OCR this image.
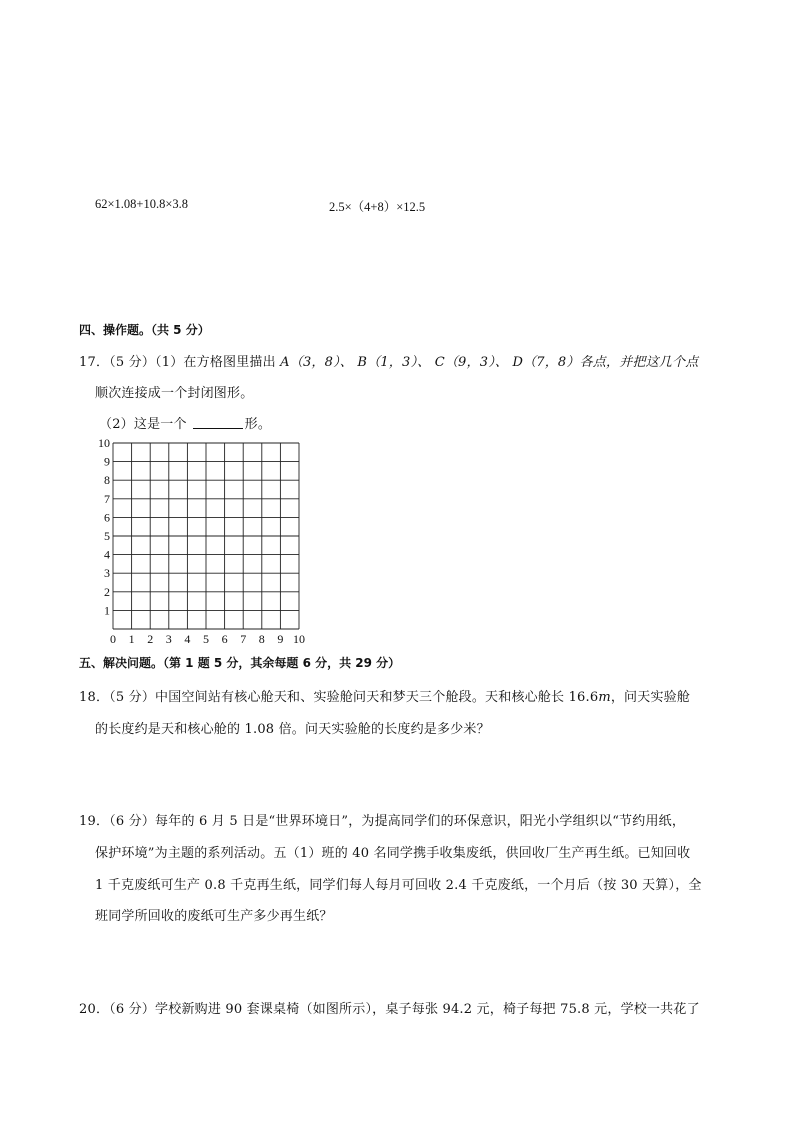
62×1.08+10.8×3.8	2.5×（4+8）×12.5
四、操作题。（共 5 分）
17．（5 分）（1）在方格图里描出 A（3，8）、 B（1，3）、 C（9，3）、 D（7，8）各点，并把这几个点
顺次连接成一个封闭图形。
（2）这是一个	形。
10
9
8
7
6
5
4
3
2
1
0 1 2 3 4 5 6 7 8 9 10
五、解决问题。（第 1 题 5 分，其余每题 6 分，共 29 分）
18．（5 分）中国空间站有核心舱天和、实验舱问天和梦天三个舱段。天和核心舱长 16.6m，问天实验舱
的长度约是天和核心舱的 1.08 倍。问天实验舱的长度约是多少米？
19．（6 分）每年的 6 月 5 日是“世界环境日”，为提高同学们的环保意识，阳光小学组织以“节约用纸，
保护环境”为主题的系列活动。五（1）班的 40 名同学携手收集废纸，供回收厂生产再生纸。已知回收
1 千克废纸可生产 0.8 千克再生纸，同学们每人每月可回收 2.4 千克废纸，一个月后（按 30 天算），全
班同学所回收的废纸可生产多少再生纸？
20．（6 分）学校新购进 90 套课桌椅（如图所示），桌子每张 94.2 元，椅子每把 75.8 元，学校一共花了
